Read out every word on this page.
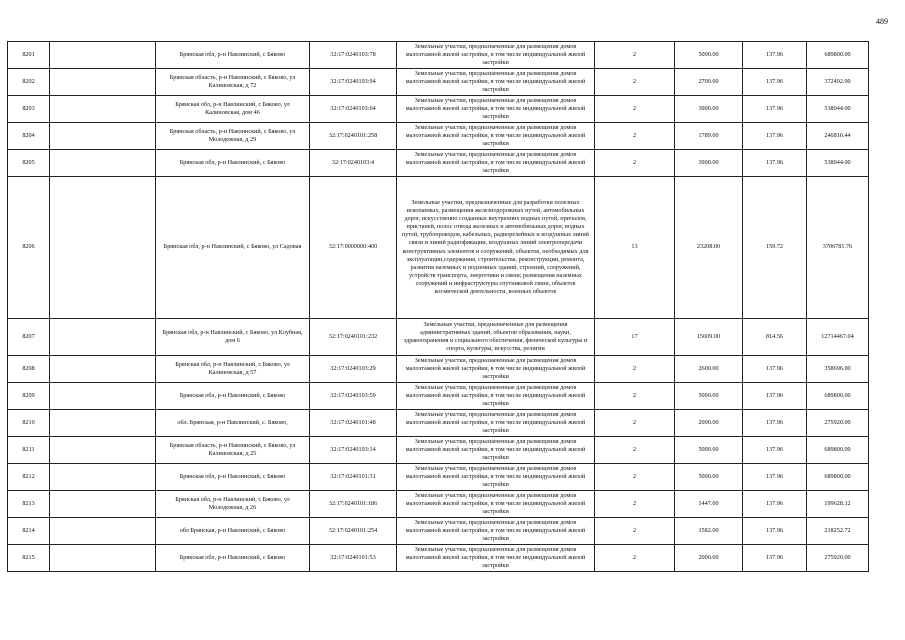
489
8201		Брянская обл, р-н Навлинский, с Бяково	32:17:0240103:78	Земельные участки, предназначенные для размещения домов малоэтажной жилой застройки, в том числе индивидуальной жилой застройки	2	5000.00	137.96	689800.00
8202		Брянская область, р-н Навлинский, с Бяково, ул Калиновская, д 72	32:17:0240103:94	Земельные участки, предназначенные для размещения домов малоэтажной жилой застройки, в том числе индивидуальной жилой застройки	2	2700.00	137.96	372492.00
8203		Брянская обл, р-н Навлинский, с Бяково, ул Калиновская, дом 46	32:17:0240103:64	Земельные участки, предназначенные для размещения домов малоэтажной жилой застройки, в том числе индивидуальной жилой застройки	2	3900.00	137.96	538044.00
8204		Брянская область, р-н Навлинский, с Бяково, ул Молодежная, д 29	32:17:0240101:258	Земельные участки, предназначенные для размещения домов малоэтажной жилой застройки, в том числе индивидуальной жилой застройки	2	1789.00	137.96	246810.44
8205		Брянская обл, р-н Навлинский, с Бяково	32:17:0240103:4	Земельные участки, предназначенные для размещения домов малоэтажной жилой застройки, в том числе индивидуальной жилой застройки	2	3900.00	137.96	538044.00
8206		Брянская обл, р-н Навлинский, с Бяково, ул Садовая	32:17:0000000:400	Земельные участки, предназначенные для разработки полезных ископаемых, размещения железнодорожных путей, автомобильных дорог, искусственно созданных внутренних водных путей, причалов, пристаней, полос отвода железных и автомобильных дорог, водных путей, трубопроводов, кабельных, радиорелейных и воздушных линий связи и линий радиофикации, воздушных линий электропередачи конструктивных элементов и сооружений, объектов, необходимых для эксплуатации,содержания, строительства, реконструкции, ремонта, развития наземных и подземных зданий, строений, сооружений, устройств транспорта, энергетики и связи; размещения наземных сооружений и инфраструктуры спутниковой связи, объектов космической деятельности, военных объектов	13	23208.00	159.72	3706781.76
8207		Брянская обл, р-н Навлинский, с Бяково, ул Клубная, дом 6	32:17:0240101:232	Земельные участки, предназначенные для размещения административных зданий, объектов образования, науки, здравоохранения и социального обеспечения, физической культуры и спорта, культуры, искусства, религии	17	15609.00	814.56	12714467.04
8208		Брянская обл, р-н Навлинский, с Бяково, ул Калиновская, д 57	32:17:0240103:29	Земельные участки, предназначенные для размещения домов малоэтажной жилой застройки, в том числе индивидуальной жилой застройки	2	2600.00	137.96	358696.00
8209		Брянская обл, р-н Навлинский, с Бяково	32:17:0240103:59	Земельные участки, предназначенные для размещения домов малоэтажной жилой застройки, в том числе индивидуальной жилой застройки	2	5000.00	137.96	689800.00
8210		обл. Брянская, р-н Навлинский, с. Бяково,	32:17:0240101:48	Земельные участки, предназначенные для размещения домов малоэтажной жилой застройки, в том числе индивидуальной жилой застройки	2	2000.00	137.96	275920.00
8211		Брянская область, р-н Навлинский, с Бяково, ул Калиновская, д 25	32:17:0240103:14	Земельные участки, предназначенные для размещения домов малоэтажной жилой застройки, в том числе индивидуальной жилой застройки	2	5000.00	137.96	689800.00
8212		Брянская обл, р-н Навлинский, с Бяково	32:17:0240101:31	Земельные участки, предназначенные для размещения домов малоэтажной жилой застройки, в том числе индивидуальной жилой застройки	2	5000.00	137.96	689800.00
8213		Брянская обл, р-н Навлинский, с Бяково, ул Молодежная, д 26	32:17:0240101:186	Земельные участки, предназначенные для размещения домов малоэтажной жилой застройки, в том числе индивидуальной жилой застройки	2	1447.00	137.96	199628.12
8214		обл Брянская, р-н Навлинский, с Бяково	32:17:0240101:254	Земельные участки, предназначенные для размещения домов малоэтажной жилой застройки, в том числе индивидуальной жилой застройки	2	1582.00	137.96	218252.72
8215		Брянская обл, р-н Навлинский, с Бяково	32:17:0240101:53	Земельные участки, предназначенные для размещения домов малоэтажной жилой застройки, в том числе индивидуальной жилой застройки	2	2000.00	137.96	275920.00
